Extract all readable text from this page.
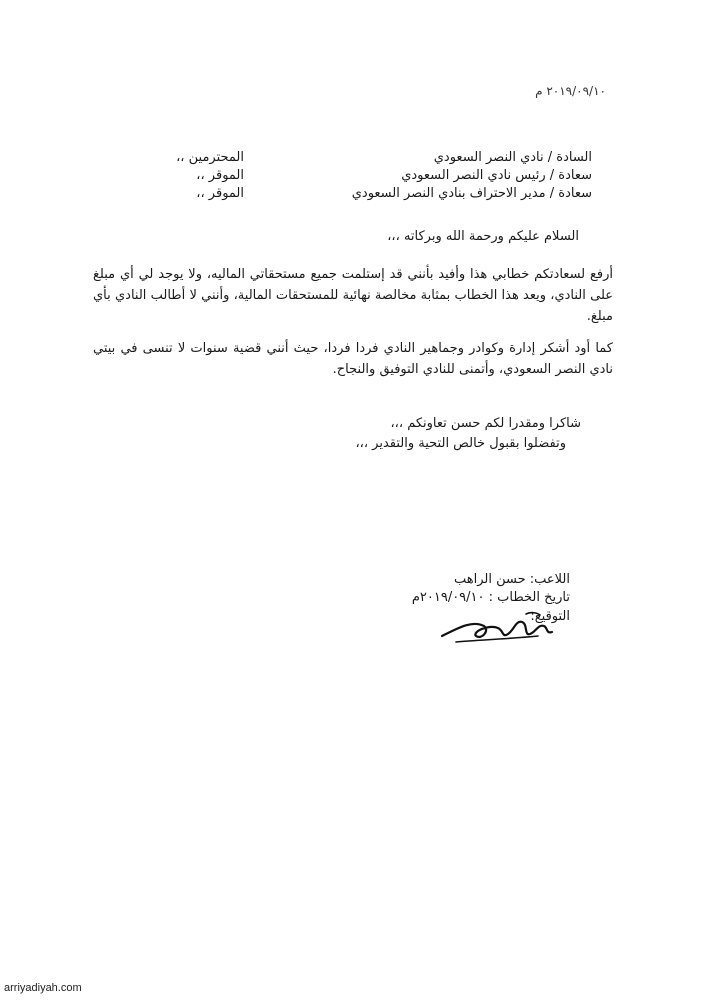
٢٠١٩/٠٩/١٠ م
السادة / نادي النصر السعودي
المحترمين ،،
سعادة / رئيس نادي النصر السعودي
الموقر ،،
سعادة / مدير الاحتراف بنادي النصر السعودي
الموقر ،،
السلام عليكم ورحمة الله وبركاته ،،،
أرفع لسعادتكم خطابي هذا وأفيد بأنني قد إستلمت جميع مستحقاتي الماليه، ولا يوجد لي أي مبلغ على النادي، ويعد هذا الخطاب بمثابة مخالصة نهائية للمستحقات المالية، وأنني لا أطالب النادي بأي مبلغ.
كما أود أشكر إدارة وكوادر وجماهير النادي فردا فردا، حيث أنني قضية سنوات لا تنسى في بيتي نادي النصر السعودي، وأتمنى للنادي التوفيق والنجاح.
شاكرا ومقدرا لكم حسن تعاونكم ،،،
وتفضلوا بقبول خالص التحية والتقدير ،،،
اللاعب: حسن الراهب
تاريخ الخطاب : ٢٠١٩/٠٩/١٠م
التوقيع:
arriyadiyah.com
